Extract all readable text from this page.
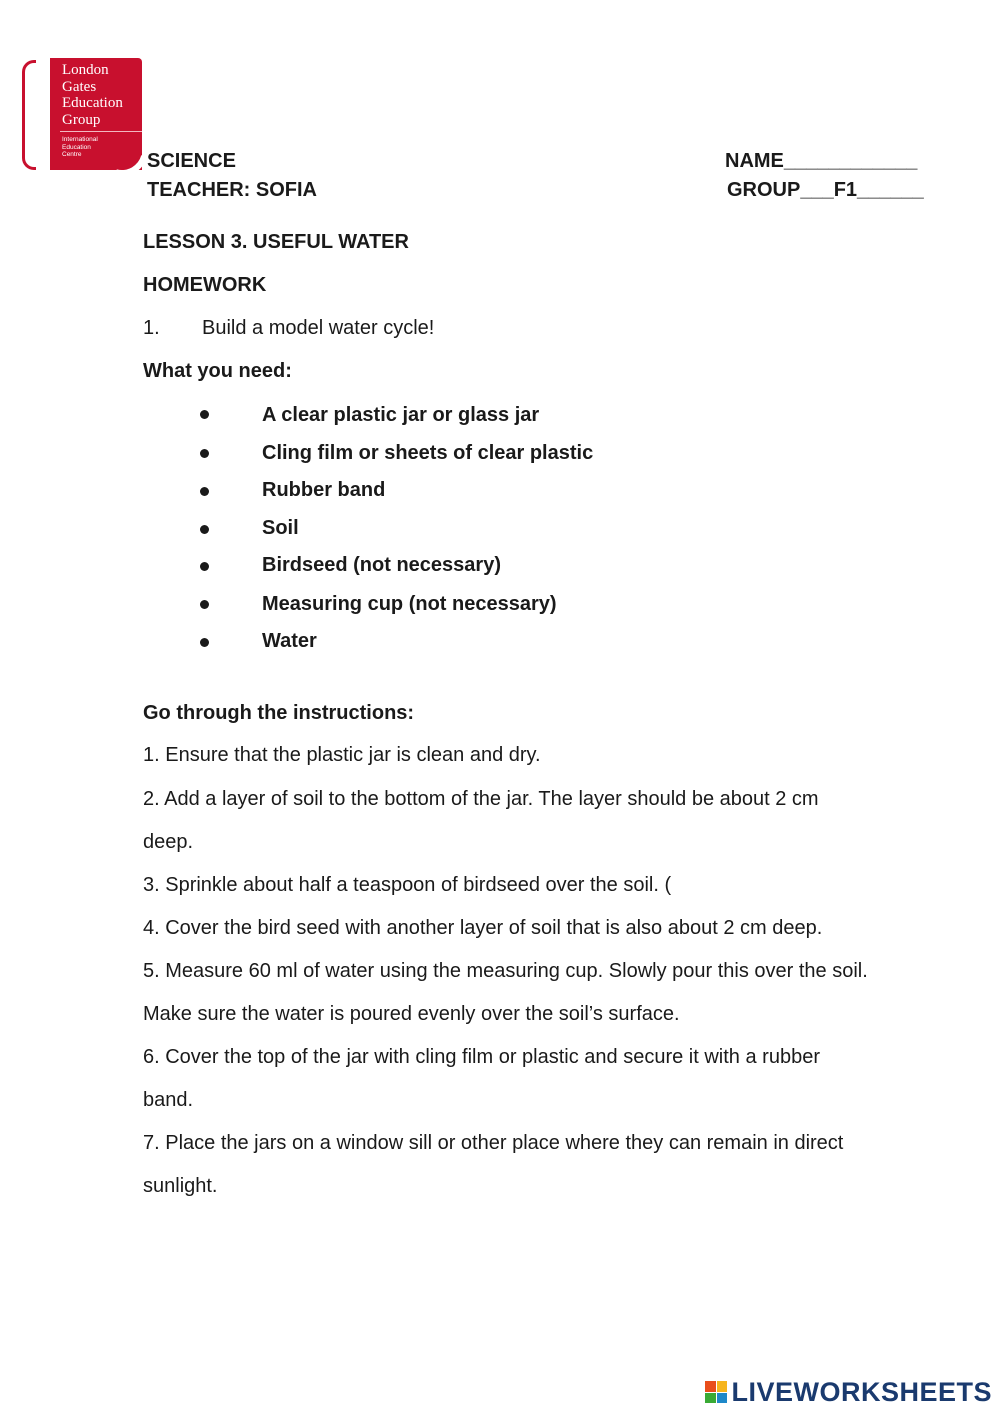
London
Gates
Education
Group
International
Education
Centre	SCIENCE
TEACHER: SOFIA
NAME____________
GROUP___F1______
LESSON 3. USEFUL WATER
HOMEWORK
1. Build a model water cycle!
What you need:
A clear plastic jar or glass jar
Cling film or sheets of clear plastic
Rubber band
Soil
Birdseed (not necessary)
Measuring cup (not necessary)
Water
Go through the instructions:
1. Ensure that the plastic jar is clean and dry.
2. Add a layer of soil to the bottom of the jar. The layer should be about 2 cm
deep.
3. Sprinkle about half a teaspoon of birdseed over the soil. (
4. Cover the bird seed with another layer of soil that is also about 2 cm deep.
5. Measure 60 ml of water using the measuring cup. Slowly pour this over the soil.
Make sure the water is poured evenly over the soil’s surface.
6. Cover the top of the jar with cling film or plastic and secure it with a rubber
band.
7. Place the jars on a window sill or other place where they can remain in direct
sunlight.
LIVEWORKSHEETS
